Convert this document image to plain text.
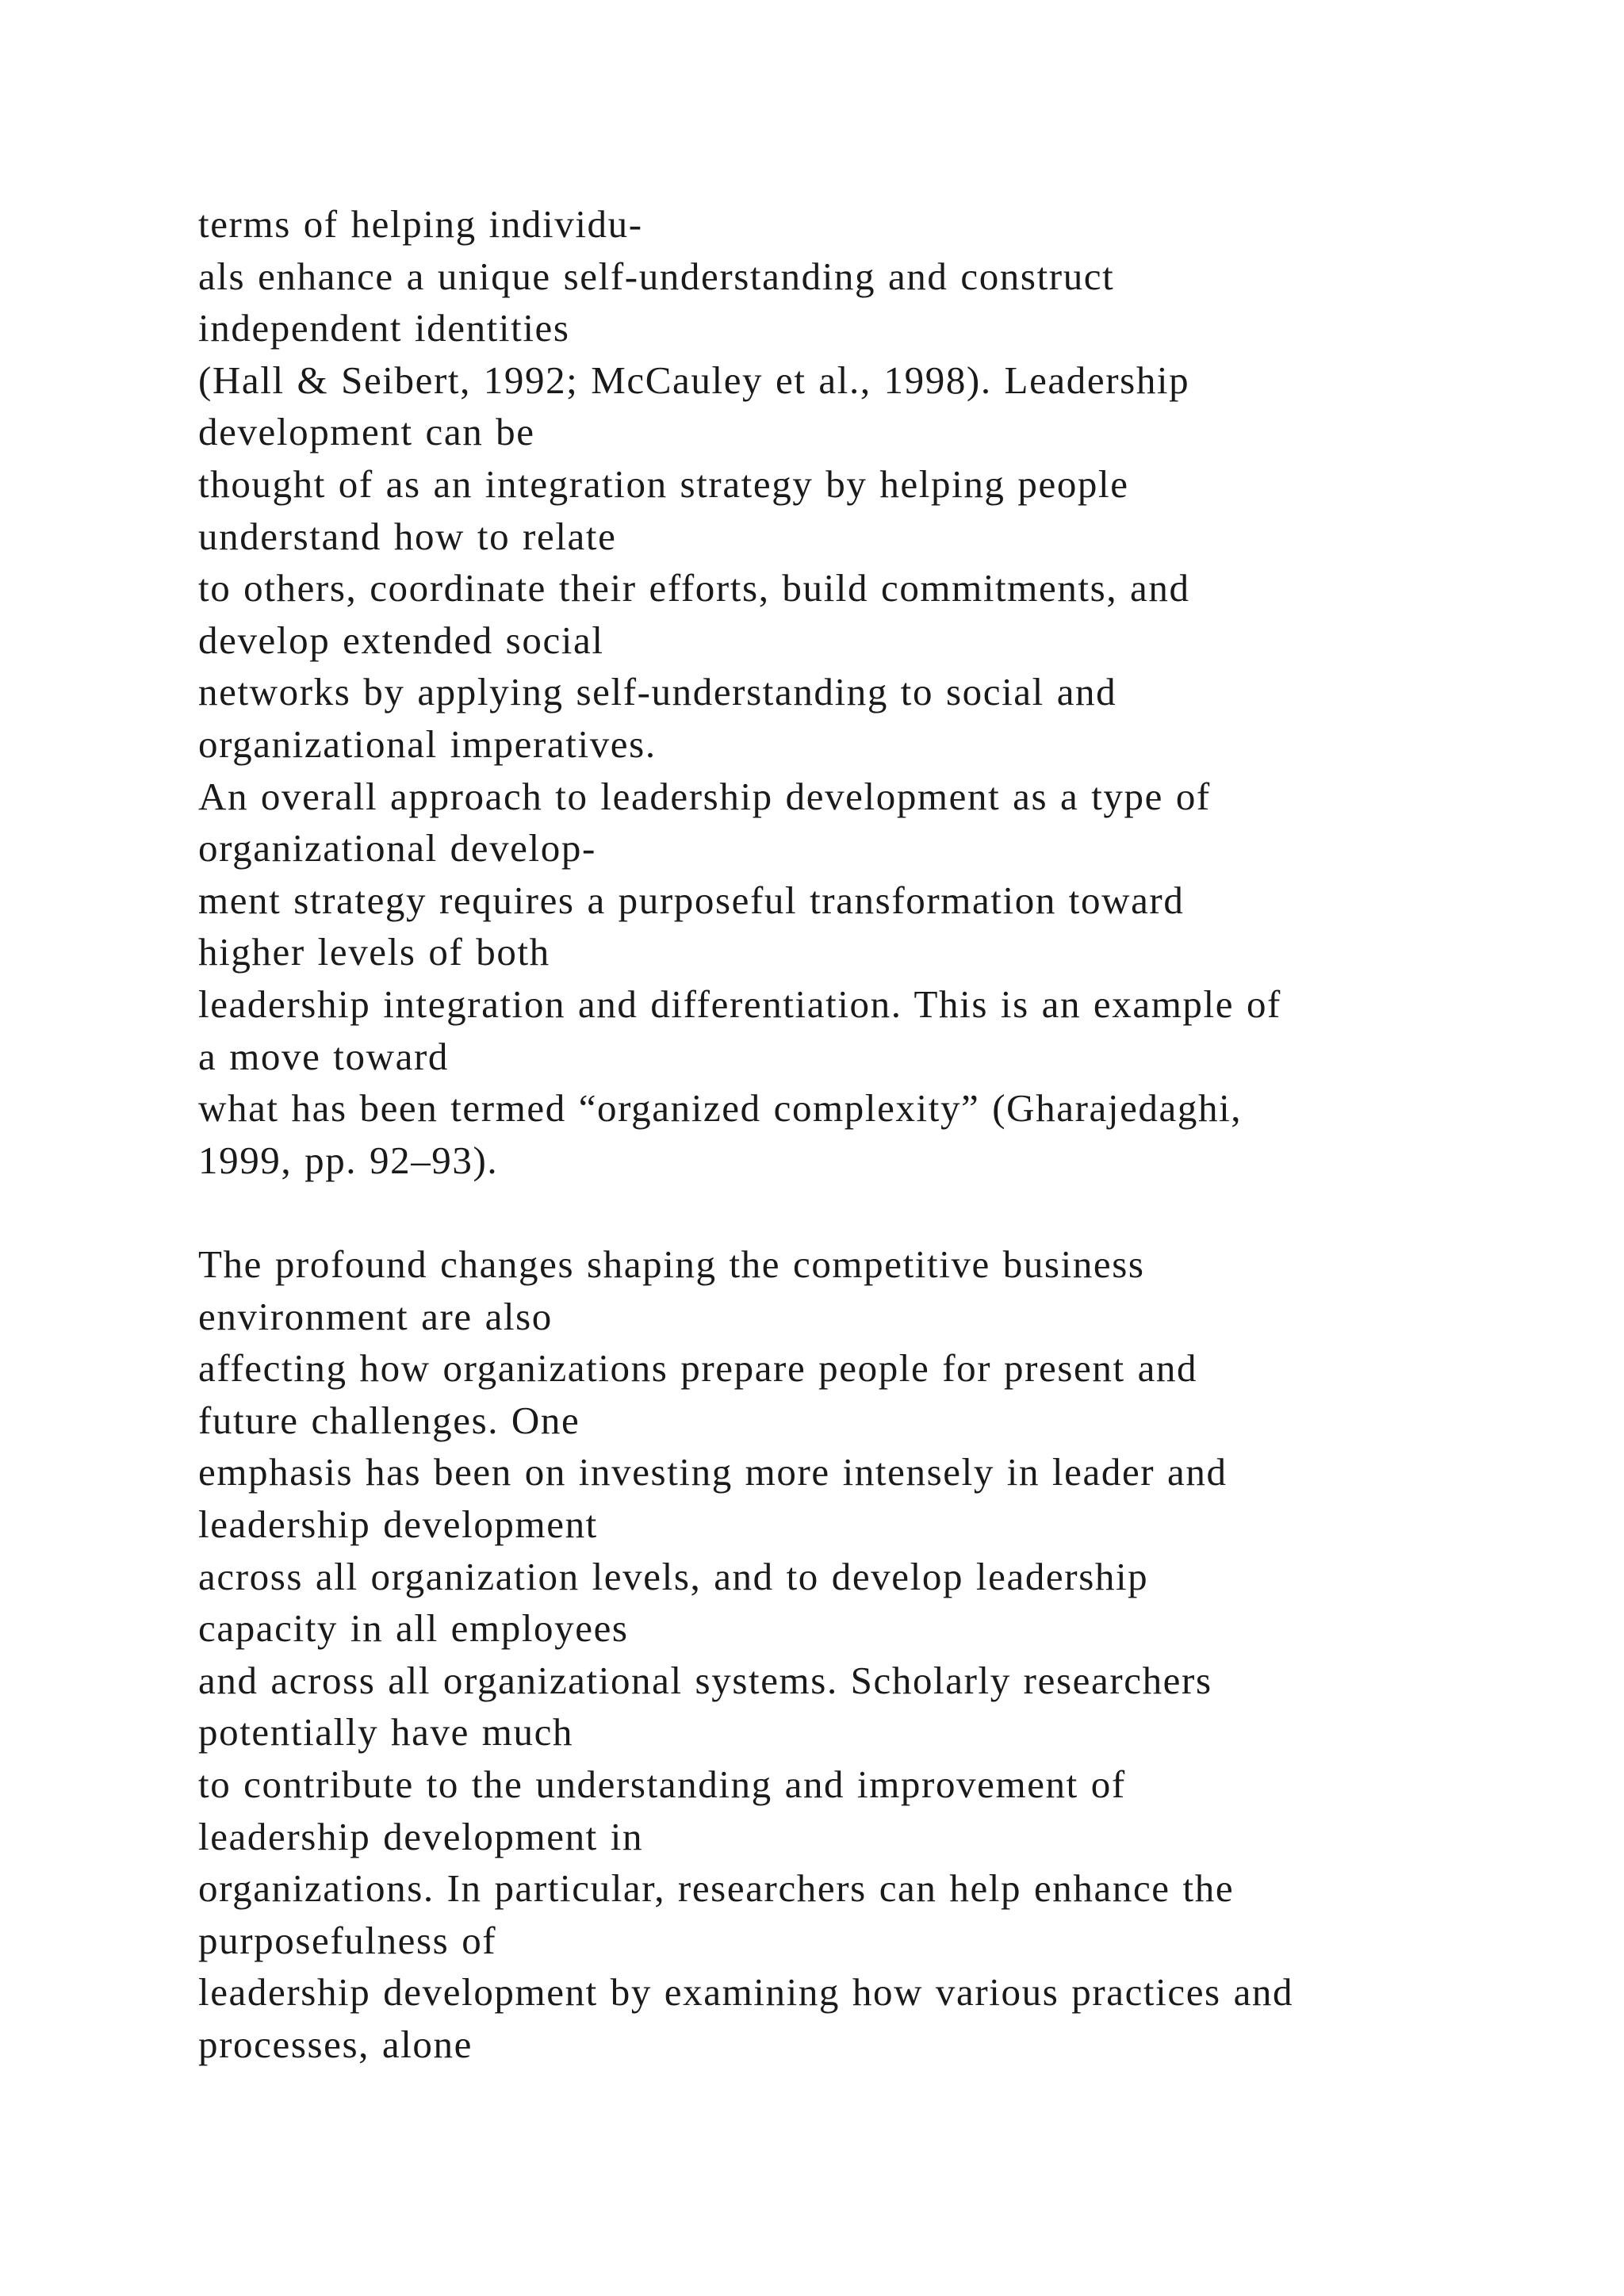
terms of helping individu-
als enhance a unique self-understanding and construct
independent identities
(Hall & Seibert, 1992; McCauley et al., 1998). Leadership
development can be
thought of as an integration strategy by helping people
understand how to relate
to others, coordinate their efforts, build commitments, and
develop extended social
networks by applying self-understanding to social and
organizational imperatives.
An overall approach to leadership development as a type of
organizational develop-
ment strategy requires a purposeful transformation toward
higher levels of both
leadership integration and differentiation. This is an example of
a move toward
what has been termed “organized complexity” (Gharajedaghi,
1999, pp. 92–93).
The profound changes shaping the competitive business
environment are also
affecting how organizations prepare people for present and
future challenges. One
emphasis has been on investing more intensely in leader and
leadership development
across all organization levels, and to develop leadership
capacity in all employees
and across all organizational systems. Scholarly researchers
potentially have much
to contribute to the understanding and improvement of
leadership development in
organizations. In particular, researchers can help enhance the
purposefulness of
leadership development by examining how various practices and
processes, alone
